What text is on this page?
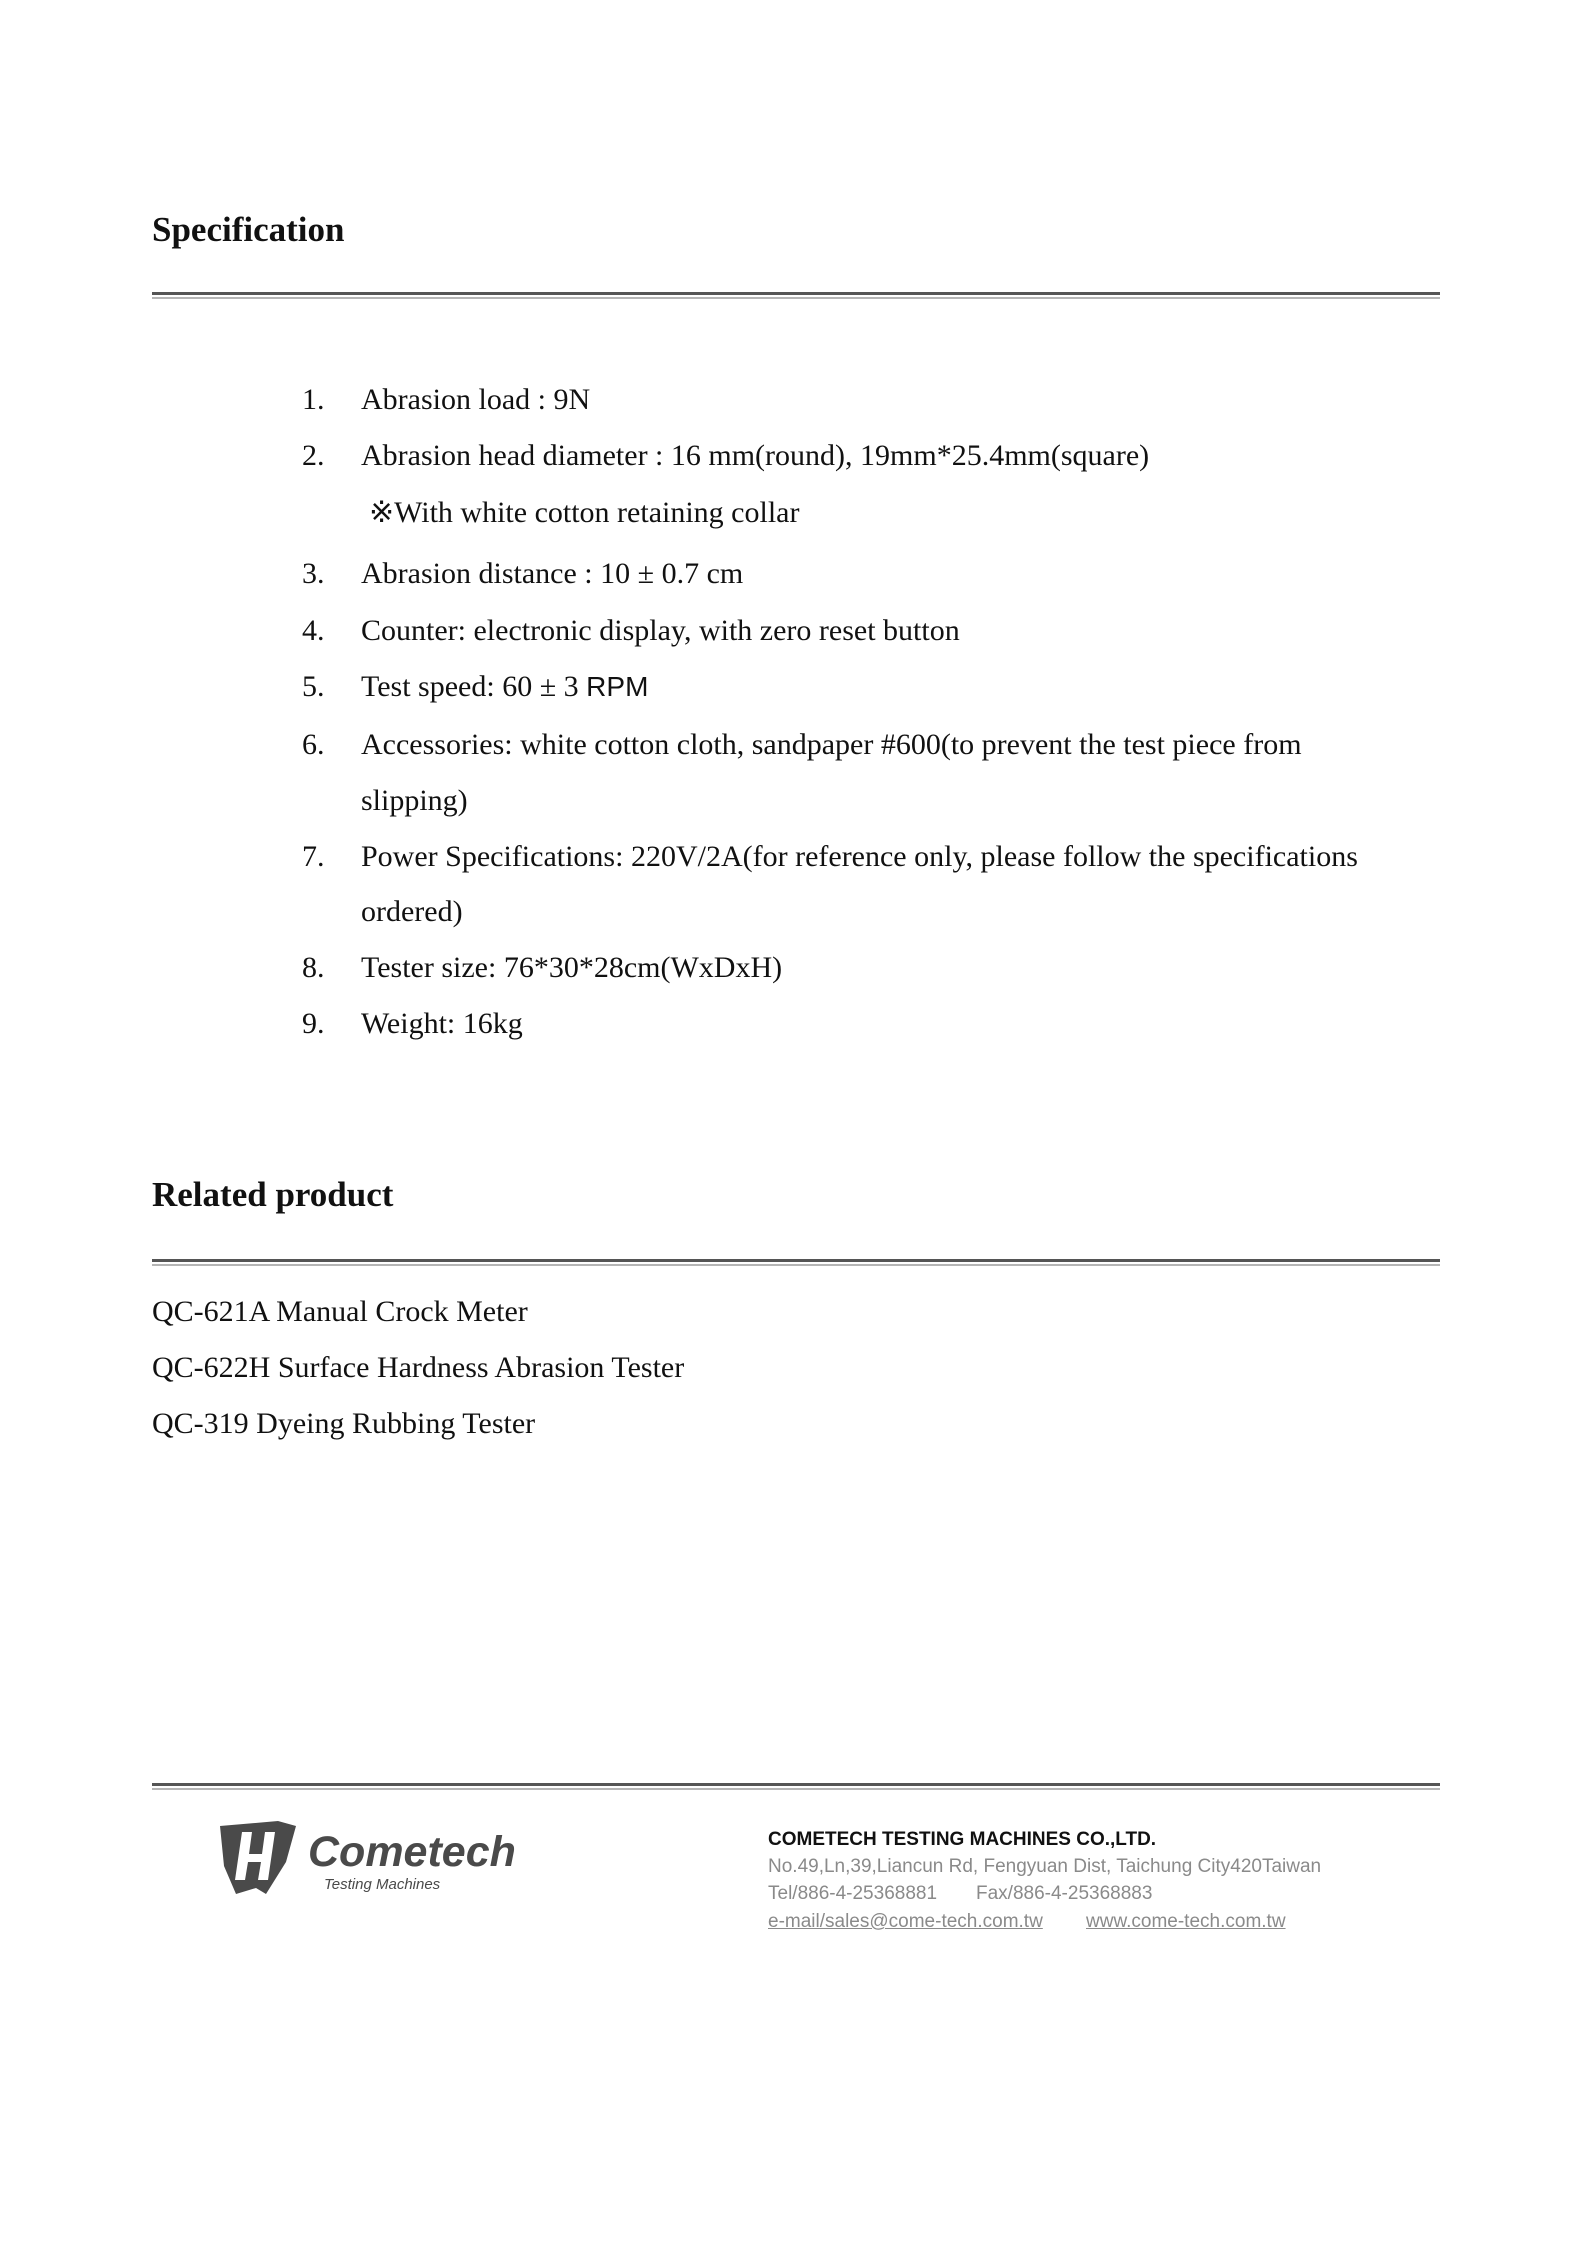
Specification
1. Abrasion load : 9N
2. Abrasion head diameter : 16 mm(round), 19mm*25.4mm(square)
※With white cotton retaining collar
3. Abrasion distance : 10 ± 0.7 cm
4. Counter: electronic display, with zero reset button
5. Test speed: 60 ± 3 RPM
6. Accessories: white cotton cloth, sandpaper #600(to prevent the test piece from
slipping)
7. Power Specifications: 220V/2A(for reference only, please follow the specifications
ordered)
8. Tester size: 76*30*28cm(WxDxH)
9. Weight: 16kg
Related product
QC-621A Manual Crock Meter
QC-622H Surface Hardness Abrasion Tester
QC-319 Dyeing Rubbing Tester
Cometech
Testing Machines
COMETECH TESTING MACHINES CO.,LTD.
No.49,Ln,39,Liancun Rd, Fengyuan Dist, Taichung City420Taiwan
Tel/886-4-25368881 Fax/886-4-25368883
e-mail/sales@come-tech.com.tw www.come-tech.com.tw
